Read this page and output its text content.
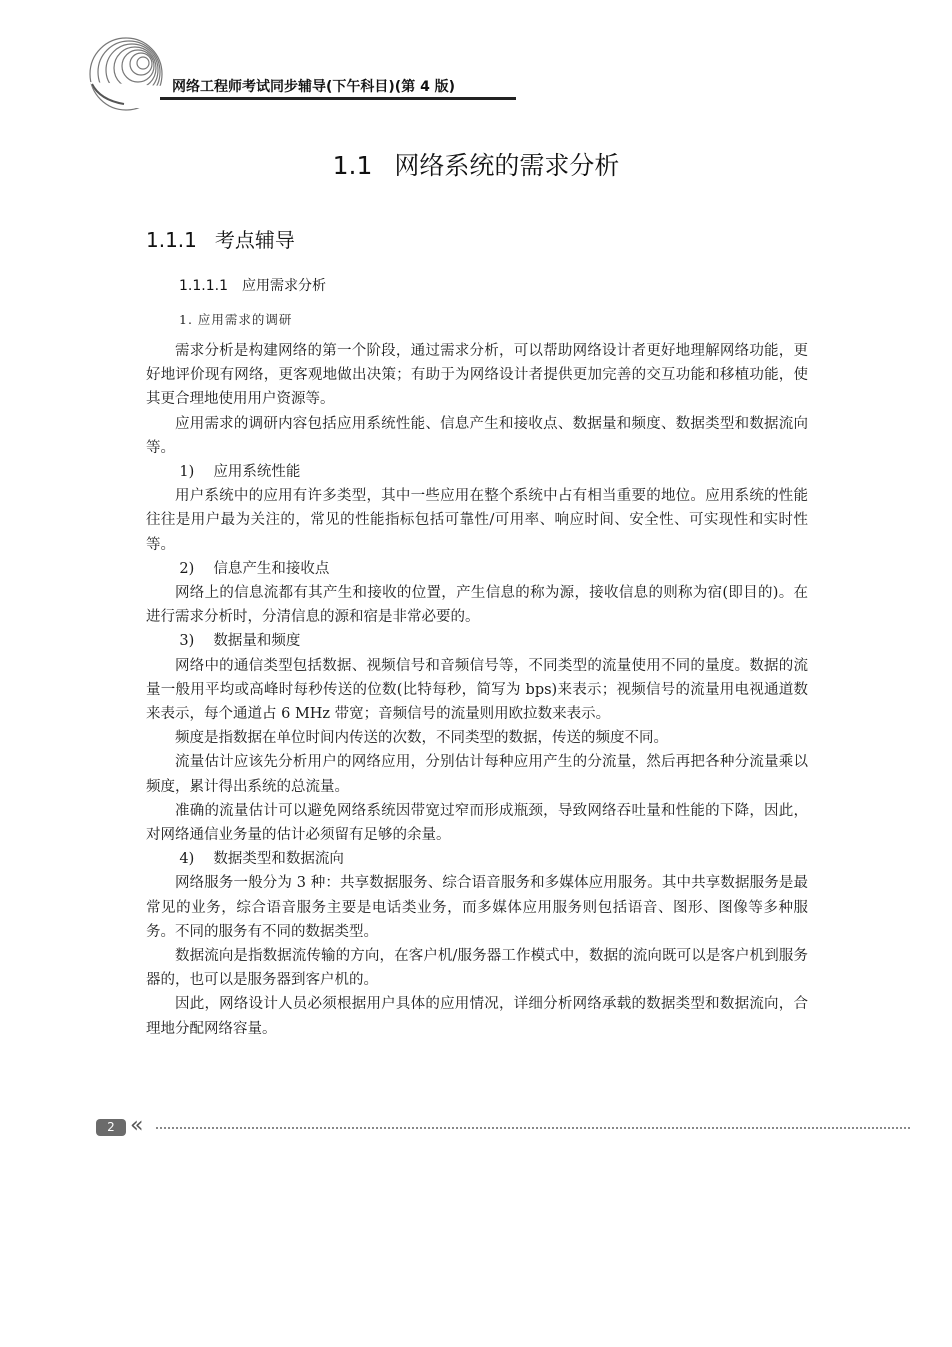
网络工程师考试同步辅导(下午科目)(第 4 版)
1.1 网络系统的需求分析
1.1.1 考点辅导
1.1.1.1 应用需求分析
1. 应用需求的调研

需求分析是构建网络的第一个阶段，通过需求分析，可以帮助网络设计者更好地理解网络功能，更好地评价现有网络，更客观地做出决策；有助于为网络设计者提供更加完善的交互功能和移植功能，使其更合理地使用用户资源等。

应用需求的调研内容包括应用系统性能、信息产生和接收点、数据量和频度、数据类型和数据流向等。

1) 应用系统性能

用户系统中的应用有许多类型，其中一些应用在整个系统中占有相当重要的地位。应用系统的性能往往是用户最为关注的，常见的性能指标包括可靠性/可用率、响应时间、安全性、可实现性和实时性等。

2) 信息产生和接收点

网络上的信息流都有其产生和接收的位置，产生信息的称为源，接收信息的则称为宿(即目的)。在进行需求分析时，分清信息的源和宿是非常必要的。

3) 数据量和频度

网络中的通信类型包括数据、视频信号和音频信号等，不同类型的流量使用不同的量度。数据的流量一般用平均或高峰时每秒传送的位数(比特每秒，简写为 bps)来表示；视频信号的流量用电视通道数来表示，每个通道占 6 MHz 带宽；音频信号的流量则用欧拉数来表示。

频度是指数据在单位时间内传送的次数，不同类型的数据，传送的频度不同。

流量估计应该先分析用户的网络应用，分别估计每种应用产生的分流量，然后再把各种分流量乘以频度，累计得出系统的总流量。

准确的流量估计可以避免网络系统因带宽过窄而形成瓶颈，导致网络吞吐量和性能的下降，因此，对网络通信业务量的估计必须留有足够的余量。

4) 数据类型和数据流向

网络服务一般分为 3 种：共享数据服务、综合语音服务和多媒体应用服务。其中共享数据服务是最常见的业务，综合语音服务主要是电话类业务，而多媒体应用服务则包括语音、图形、图像等多种服务。不同的服务有不同的数据类型。

数据流向是指数据流传输的方向，在客户机/服务器工作模式中，数据的流向既可以是客户机到服务器的，也可以是服务器到客户机的。

因此，网络设计人员必须根据用户具体的应用情况，详细分析网络承载的数据类型和数据流向，合理地分配网络容量。

2 «
